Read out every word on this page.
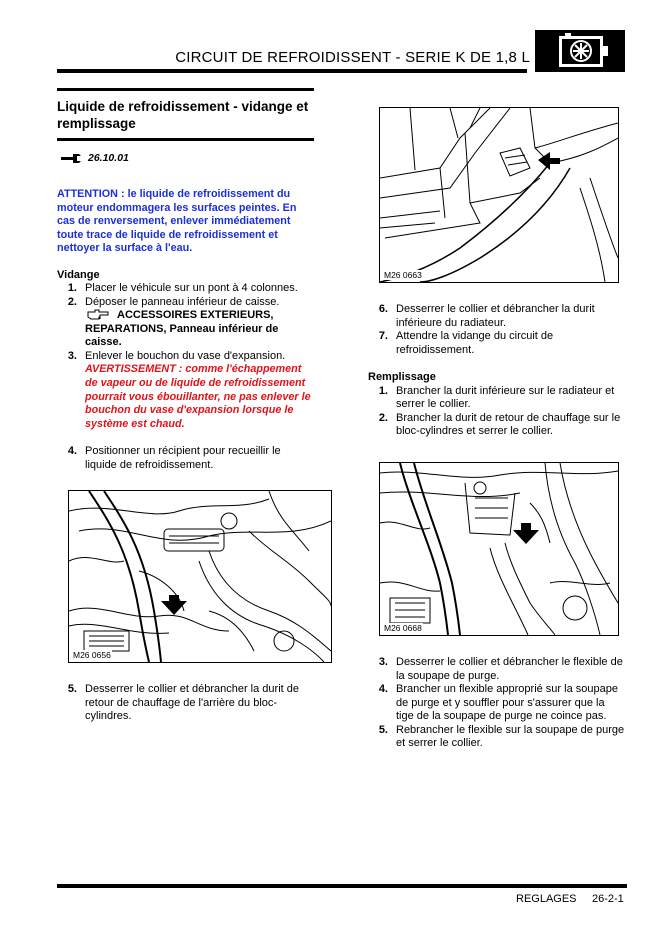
CIRCUIT DE REFROIDISSENT - SERIE K DE 1,8 L
Liquide de refroidissement - vidange et remplissage
26.10.01
ATTENTION : le liquide de refroidissement du moteur endommagera les surfaces peintes. En cas de renversement, enlever immédiatement toute trace de liquide de refroidissement et nettoyer la surface à l'eau.
Vidange
1. Placer le véhicule sur un pont à 4 colonnes.
2. Déposer le panneau inférieur de caisse.
ACCESSOIRES EXTERIEURS, REPARATIONS, Panneau inférieur de caisse.
3. Enlever le bouchon du vase d'expansion.
AVERTISSEMENT : comme l'échappement de vapeur ou de liquide de refroidissement pourrait vous ébouillanter, ne pas enlever le bouchon du vase d'expansion lorsque le système est chaud.
4. Positionner un récipient pour recueillir le liquide de refroidissement.
M26 0656
5. Desserrer le collier et débrancher la durit de retour de chauffage de l'arrière du bloc-cylindres.
M26 0663
6. Desserrer le collier et débrancher la durit inférieure du radiateur.
7. Attendre la vidange du circuit de refroidissement.
Remplissage
1. Brancher la durit inférieure sur le radiateur et serrer le collier.
2. Brancher la durit de retour de chauffage sur le bloc-cylindres et serrer le collier.
M26 0668
3. Desserrer le collier et débrancher le flexible de la soupape de purge.
4. Brancher un flexible approprié sur la soupape de purge et y souffler pour s'assurer que la tige de la soupape de purge ne coince pas.
5. Rebrancher le flexible sur la soupape de purge et serrer le collier.
REGLAGES 26-2-1
